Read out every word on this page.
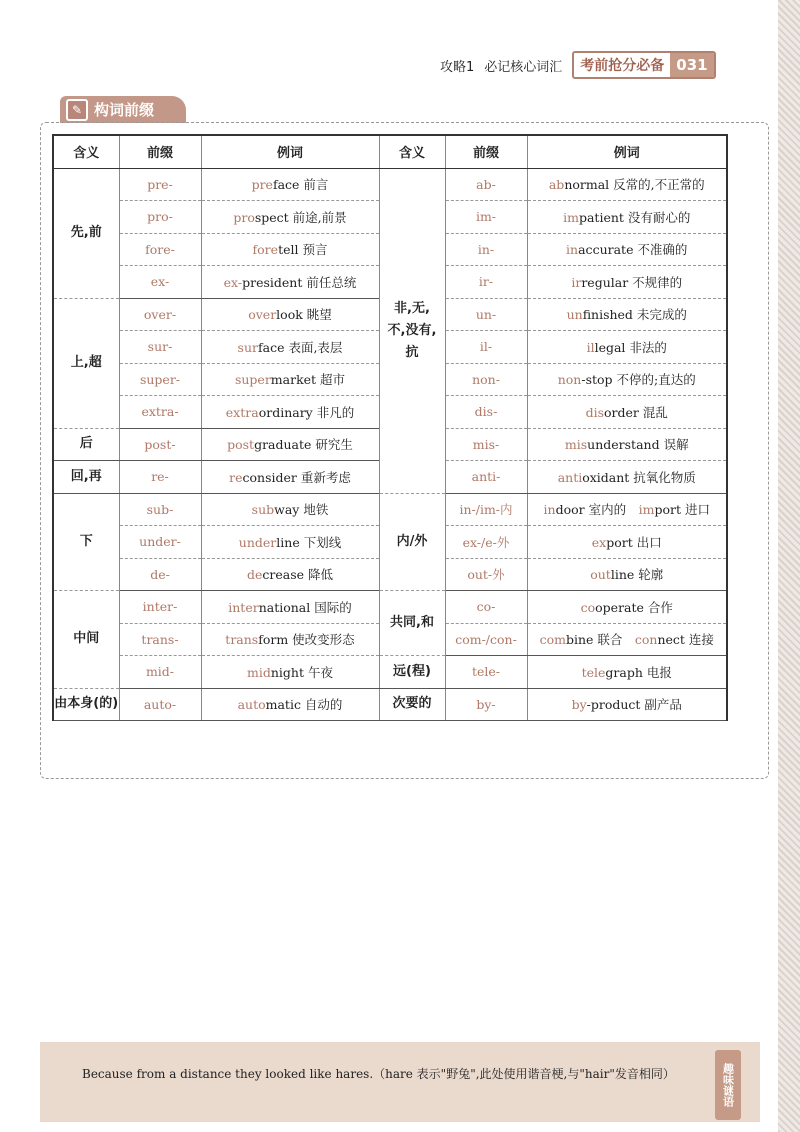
攻略1 必记核心词汇	考前抢分必备 031
✎ 构词前缀
含义	前缀	例词	含义	前缀	例词
先,前	pre-	preface 前言	非,无,不,没有,抗	ab-	abnormal 反常的,不正常的
	pro-	prospect 前途,前景		im-	impatient 没有耐心的
	fore-	foretell 预言		in-	inaccurate 不准确的
	ex-	ex-president 前任总统		ir-	irregular 不规律的
上,超	over-	overlook 眺望		un-	unfinished 未完成的
	sur-	surface 表面,表层		il-	illegal 非法的
	super-	supermarket 超市		non-	non-stop 不停的;直达的
	extra-	extraordinary 非凡的		dis-	disorder 混乱
后	post-	postgraduate 研究生		mis-	misunderstand 误解
回,再	re-	reconsider 重新考虑		anti-	antioxidant 抗氧化物质
下	sub-	subway 地铁	内/外	in-/im-内	indoor 室内的  import 进口
	under-	underline 下划线		ex-/e-外	export 出口
	de-	decrease 降低		out-外	outline 轮廓
中间	inter-	international 国际的	共同,和	co-	cooperate 合作
	trans-	transform 使改变形态		com-/con-	combine 联合  connect 连接
	mid-	midnight 午夜	远(程)	tele-	telegraph 电报
由本身(的)	auto-	automatic 自动的	次要的	by-	by-product 副产品
Because from a distance they looked like hares.（hare 表示"野兔",此处使用谐音梗,与"hair"发音相同）	趣味谜语
